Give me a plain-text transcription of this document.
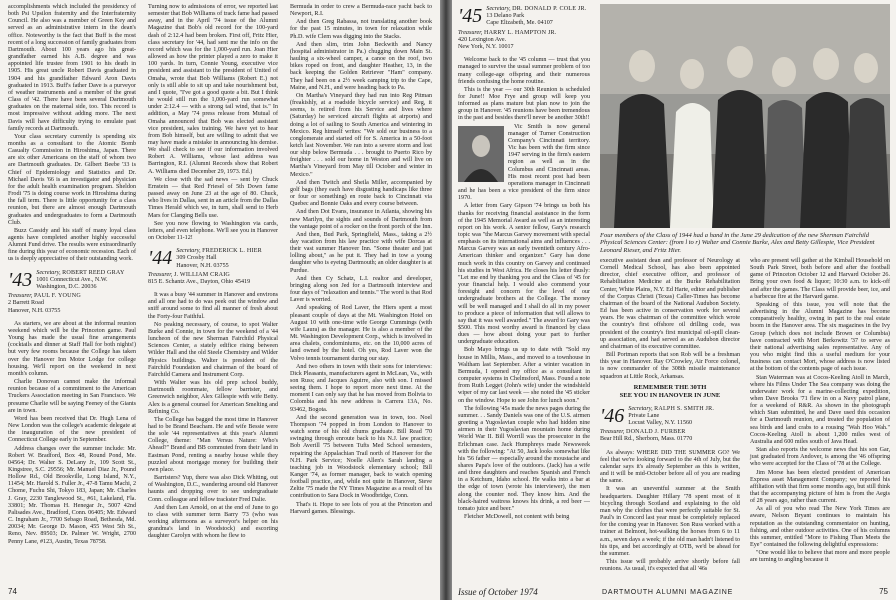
accomplishments which included the presidency of both Psi Upsilon fraternity and the Interfraternity Council. He also was a member of Green Key and served as an administrative intern in the dean's office. Noteworthy is the fact that Buff is the most recent of a long succession of family graduates from Dartmouth. About 100 years ago his great-grandfather earned his A.B. degree and was appointed life trustee from 1901 to his death in 1905. His great uncle Robert Davis graduated in 1904 and his grandfather Edward Aron Davis graduated in 1913. Buff's father Dave is a purveyor of weather instruments and a member of the great Class of '42. There have been several Dartmouth graduates on the maternal side, too. This record is most impressive without adding more. The next Davis will have difficulty trying to emulate past family records at Dartmouth.

Your class secretary currently is spending six months as a consultant to the Atomic Bomb Casualty Commission in Hiroshima, Japan. There are six other Americans on the staff of whom two are Dartmouth graduates. Dr. Gilbert Beebe '33 is Chief of Epidemiology and Statistics and Dr. Michael Davis '66 is an investigator and physician for the adult health examination program. Sheldon Frodi '75 is doing course work in Hiroshima during the fall term. There is little opportunity for a class reunion, but there are almost enough Dartmouth graduates and undergraduates to form a Dartmouth Club.

Buzz Cassidy and his staff of many loyal class agents have completed another highly successful Alumni Fund drive. The results were extraordinarily fine during this year of economic recession. Each of us is deeply appreciative of their outstanding work.

'43 Secretary, ROBERT REED GRAY
1001 Connecticut Ave., N.W.
Washington, D.C. 20036
Treasurer, PAUL F. YOUNG
2 Barrett Road
Hanover, N.H. 03755

As starters, we are about at the informal reunion weekend which will be the Princeton game. Paul Young has made the usual fine arrangements (cocktails and dinner at Staff Hall for both nights!) but very few rooms because the College has taken over the Hanover Inn Motor Lodge for college housing. We'll report on the weekend in next month's column.

Charlie Donovan cannot make the informal reunion because of a commitment to the American Truckers Association meeting in San Francisco. We presume Charlie will be saying Feeney of the Giants are in town.

Word has been received that Dr. Hugh Lena of New London was the college's academic delegate at the inauguration of the new president of Connecticut College early in September.

Address changes over the summer include: Mr. Robert W. Bradford, Box 48, Round Pond, Me. 04564; Dr. Walter S. DeLany Jr., 109 Scott St., Kingstree, S.C. 29556; Mr. Manuel Diaz Jr., Pound Hollow Rd., Old Brookville, Long Island, N.Y., 11454; Mr. Harold S. Fuller Jr., 47-8 Tamu Machi, 2 Chome, Fuchu Shi, Tokyo 183, Japan; Mr. Charles J. Gray, 2230 Tanglewood St., #61, Lakeland, Fla. 33801; Mr. Thomas H. Henegar Jr., 5007 42nd Palisades Ave., Bradford, Conn. 06405; Mr. Edward C. Ingraham Jr., 7700 Sebago Road, Bethesda, Md. 20034; Mr. George D. Mason, 455 West 5th St., Reno, Nev. 89503; Dr. Palmer W. Wright, 2700 Penny Lane, #123, Austin, Texas 78758.

Turning now to admissions of error, we reported last semester that Bob Williams of track fame had passed away, and in the April '74 issue of the Alumni Magazine that Bob's old record for the 100-yard dash of 2:12.4 had been broken. First off, Fritz Hier, class secretary for '44, had sent me the info on the record which was for the 1,000-yard run. Joan Hier allowed as how the printer played a zero to make it 100 yards. In turn, Connie Young, executive vice president and assistant to the president of United of Omaha, wrote that Bob Williams (Robert E.) not only is still able to sit up and take nourishment but, and I quote, "I've got a good quote a bit. But I think he would still run the 1,000-yard run somewhat under 2:12.4 — with a strong tail wind, that is." In addition, a May '74 press release from Mutual of Omaha announced that Bob was elected assistant vice president, sales training. We have yet to hear from Bob himself, but are willing to admit that we may have made a mistake in announcing his demise. We shall check to see if our information involved Robert A. Williams, whose last address was Barrington, R.I. (Alumni Records show that Robert A. Williams died December 29, 1973. Ed.)

We close with the sad news — sent by Chuck Ernstein — that Red Friesel of 5th Down fame passed away on June 23 at the age of 80. Chuck, who lives in Dallas, sent in an article from the Dallas Times Herald which we, in turn, shall send to Herb Mars for Clanging Bells use.

See you now flowing to Washington via cards, letters, and even telephone. We'll see you in Hanover on October 11-12!

'44 Secretary, FREDERICK L. HIER
309 Crosby Hall
Hanover, N.H. 03755
Treasurer, J. WILLIAM CRAIG
815 E. Schantz Ave., Dayton, Ohio 45419

It was a busy '44 summer in Hanover and environs and all one had to do was peek out the window and sniff around some to find all manner of fresh about the Forty-four Faithful.

No peaking necessary, of course, to spot Walter Burke and Connie, in town for the weekend of a '44 luncheon of the new Sherman Fairchild Physical Sciences Center, a stately edifice rising between Wilder Hall and the old Steele Chemistry and Wilder Physics buildings. Walter is president of the Fairchild Foundation and chairman of the board of Fairchild Camera and Instrument Corp.

With Walter was his old prep school buddy, Dartmouth roommate, fellow barrister, and Greenwich neighbor, Alex Gillespie with wife Betty. Alex is a general counsel for American Smelting and Refining Co.

The College has bagged the most time in Hanover had to be Brand Beacham. He and wife Bessie were the sole '44 representatives at this year's Alumni College, theme: "Man Versus Nature: Who's Ahead?" Brand and BB commuted from their land in Eastman Pond, renting a nearby house while they puzzled about mortgage money for building their own place.

Barristers? Yup, there was also Dick Whiting, out of Washington, D.C., wandering around old Hanover haunts and dropping over to see undergraduate Conn. colleague and fellow trackster Fred Dalie.

And then Len Arnold, on at the end of June to go to class with summer term Barry '73 (who was working afternoons as a surveyor's helper on his grandma's land in Woodstock) and escorting daughter Carolyn with whom he flew to

Bermuda in order to crew a Bermuda-race yacht back to Newport, R.I.

And then Greg Rabassa, not translating another book for the past 15 minutes, in town for relaxation while Ph.D. wife Clem was digging into the Stacks.

And then slim, trim John Beckwith and Nancy (hospital administrator in Pa.) chugging down Main St. hauling a six-wheel camper, a canoe on the roof, two bikes roped on front, and daughter Heather, 13, in the back keeping the Golden Retriever "Ham" company. They had been on a 2½ week camping trip to the Cape, Maine, and N.H., and were heading back to Pa.

On Martha's Vineyard they had run into Reg Pitman (freakishly, at a roadside bicycle service) and Reg, it seems, is retired from his Service and lives where (Saturday) he serviced aircraft flights at airports) and doing a lot of sailing to South America and wintering in Mexico. Reg himself writes: "We sold our business to a conglomerate and started off for S. America in a 50-foot ketch last November. We ran into a severe storm and lost our ship below Bermuda . . . brought to Puerto Rico by freighter . . . sold our home in Weston and will live on Martha's Vineyard from May till October and winter in Mexico."

And then Twitch and Sheila Miller, accompanied by golf bags (they each have disgusting handicaps like three or four or something) en route back to Cincinnati via Quebec and Bonnie Oaks and every course between.

And then Dot Evans, insurance in Atlanta, showing his new Marilyn, the sights and sounds of Dartmouth from the vantage point of a rocker on the front porch of the Inn.

And then, Bud Park, Springfield, Mass., taking a 2½ day vacation from his law practice with wife Dorcas at their vast summer Hanover Inn. "Some theater and just lolling about," as he put it. They had in tow a young daughter who is eyeing Dartmouth; an older daughter is at Purdue.

And then Cy Schatz, L.I. realtor and developer, bringing along son Jed for a Dartmouth interview and four days of "relaxation and tennis." The word is that Rod Laver is worried.

And speaking of Rod Laver, the Hiers spent a most pleasant couple of days at the Mt. Washington Hotel on August 10 with one-time wife George Cummings (with wife Laura) as the manager. He is also a member of the Mt. Washington Development Corp., which is involved in area chalets, condominiums, etc. on the 10,000 acres of land owned by the hotel. Oh yes, Rod Laver won the Volvo tennis tournament during our stay.

And two others in town with their sons for interviews: Dick Pleasants, manufacturers agent in McLean, Va., with son Russ; and Jacques Aguirre, also with son. I missed seeing them. I hope to report more next time. At the moment I can only say that he has moved from Bolivia to Colombia and his new address is Carrera 13A, No. 93462, Bogota.

And the second generation was in town, too. Noel Thompson '74 popped in from London to Hanover to watch some of his old chums graduate. Bill Read '70 swinging through enroute back to his N.J. law practice; Bob Averill '75 between Tufts Med School semesters, repairing the Appalachian Trail north of Hanover for the N.H. Park Service; Noelle Allen's Sarah landing a teaching job in Woodstock elementary school; Bill Kanger '74, as former manager, back to watch opening football practice, and, while not quite in Hanover, Steve Zeltie '75 made the NY Times Magazine as a result of his contribution to Sara Dock in Woodbridge, Conn.

That's it. Hope to see lots of you at the Princeton and Harvard games. Blessings.

74
'45 Secretary, DR. DONALD P. COLE JR.
13 Delano Park
Cape Elizabeth, Me. 04107
Treasurer, HARRY L. HAMPTON JR.
420 Lexington Ave.
New York, N.Y. 10017

Welcome back to the '45 column — trust that you managed to survive the usual summer problem of too many college-age offspring and their numerous friends confusing the home routine.

This is the year — our 30th Reunion is scheduled for June!! Moe Frye and group will keep you informed as plans mature but plan now to join the group in Hanover. '45 reunions have been tremendous in the past and besides there'll never be another 30th!!

Vic Smith is now general manager of Turner Construction Company's Cincinnati territory. Vic has been with the firm since 1947 serving in the firm's eastern region as well as in the Columbus and Cincinnati areas. His most recent post had been operations manager in Cincinnati and he has been a vice president of the firm since 1970.

A letter from Gary Gipson '74 brings us both his thanks for receiving financial assistance in the form of the 1945 Memorial Award as well as an interesting report on his work. A senior fellow, Gary's research topic was "the Marcus Garvey movement with special emphasis on its international aims and influences . . . Marcus Garvey was an early twentieth century Afro-American thinker and organizer." Gary has done much work in this country on Garvey and continued his studies in West Africa. He closes his letter thusly: "Let me end by thanking you and the Class of '45 for your financial help. I would also commend your foresight and concern for the level of our undergraduate brothers at the College. The money will be well managed and I shall do all in my power to produce a piece of information that will allows to say that it was well awarded." The award to Gary was $500. This most worthy award is financed by class dues — how about doing your part to further undergraduate education.

Bob Mayo brings us up to date with "Sold my house in Millis, Mass., and moved to a townhouse in Waltham last September. After a winter vacation in Bermuda, I opened my office as a consultant in computer systems in Chelmsford, Mass. Found a note from Ruth Legget (John's wife) under the windshield wiper of my car last week — she noted the '45 sticker on the window. Hope to see John for lunch soon."

The following '45s made the news pages during the summer. . . Sandy Daniels was one of the U.S. airmen greeting a Yugoslavian couple who had hidden nine airmen in their Yugoslavian mountain home during World War II. Bill Worrill was the prosecutor in the Erlichman case. Jack Humphreys made Newsweek with the following: "At 50, Jack looks somewhat like his '56 father — especially around the moustache and shares Papa's love of the outdoors. (Jack) has a wife and three daughters and reaches Spanish and French in a Ketchum, Idaho school. He walks into a bar at the edge of town (wrote his interviewer), the men along the counter nod. They know him. And the black-haired waitress knows his drink, a red beer — tomato juice and beer."

Fletcher McDowell, not content with being

Four members of the Class of 1944 had a hand in the June 29 dedication of the new Sherman Fairchild Physical Sciences Center: (from l to r) Walter and Connie Burke, Alex and Betty Gillespie, Vice President Leonard Rieser, and Fritz Hier.

executive assistant dean and professor of Neurology at Cornell Medical School, has also been appointed director, chief executive officer, and professor of Rehabilitation Medicine at the Burke Rehabilitation Center, White Plains, N.Y. Ed Harte, editor and publisher of the Corpus Christi (Texas) Caller-Times has become chairman of the board of the National Audubon Society. Ed has been active in conservation work for several years. He was chairman of the committee which wrote the country's first offshore oil drilling code, was president of the country's first municipal oil-spill clean-up association, and had served as an Audubon director and chairman of its executive committee.

Bill Portman reports that son Rob will be a freshman this year in Hanover. Ray O'Crowley, Air Force colonel, is now commander of the 308th missile maintenance squadron at Little Rock, Arkansas.

REMEMBER THE 30TH
SEE YOU IN HANOVER IN JUNE
'46 Secretary, RALPH S. SMITH JR.
Private Lane
Locust Valley, N.Y. 11560
Treasurer, DONALD J. FURBER
Bear Hill Rd., Sherborn, Mass. 01770

As always: WHERE DID THE SUMMER GO? We feel that we're looking forward to the 4th of July, but the calendar says it's already September as this is written, and it will be mid-October before all of you are reading the same.

It was an uneventful summer at the Smith headquarters. Daughter Hillary '78 spent most of it bicycling through Scotland and explaining to the old man why the clothes that were perfectly suitable for St. Paul's in Concord last year must be completely replaced for the coming year in Hanover. Son Russ worked with a trainer at Belmont, hot-walking the horses from 6 to 11 a.m., seven days a week; if the old man hadn't listened to his tips, and bet accordingly at OTB, we'd be ahead for the summer.

This issue will probably arrive shortly before fall reunions. As usual, it's expected that all '46s

who are present will gather at the Kimball Household on South Park Street, both before and after the football game of Princeton October 12 and Harvard October 26. Bring your own food & liquor; 10:30 a.m. to kick-off and after the games. The Class will provide beer, ice, and a barbecue fire at the Harvard game.

Speaking of this issue, you will note that the advertising in the Alumni Magazine has become comparatively healthy, owing in part to the real estate boom in the Hanover area. The six magazines in the Ivy Group (which does not include Brown or Columbia) have contracted with Mort Berkowitz '37 to serve as their national advertising sales representative. Any of you who might find this a useful medium for your business can contact Mort, whose address is now listed at the bottom of the contents page of each issue.

Stan Waterman was at Cocos-Keeling Atoll in March, where his Films Under The Sea company was doing the underwater work for a marine-collecting expedition, when Dave Brooks '71 flew in on a Navy patrol plane, for a weekend of R&R. As shown in the photograph which Stan submitted, he and Dave used this occasion for a Dartmouth reunion, and treated the population of sea birds and land crabs to a rousing "Wah Hoo Wah." Cocos-Keeling Atoll is about 1,200 miles west of Australia and 600 miles south of Java Head.

Stan also reports the welcome news that his son Gar, just graduated from Andover, is among the '46 offspring who were accepted for the Class of '78 at the College.

Jim Morse has been elected president of American Express asset Management Company; we reported his affiliation with that firm some months ago, but still think that the accompanying picture of him is from the Aegis of 28 years ago, rather than current.

As all of you who read The New York Times are aware, Nelson Bryant continues to maintain his reputation as the outstanding commentator on hunting, fishing, and other outdoor activities. One of his columns this summer, entitled "More to Fishing Than Meets the Eye" contained the following delightful expressions:

"One would like to believe that more and more people are turning to angling because it

Issue of October 1974	DARTMOUTH ALUMNI MAGAZINE	75
